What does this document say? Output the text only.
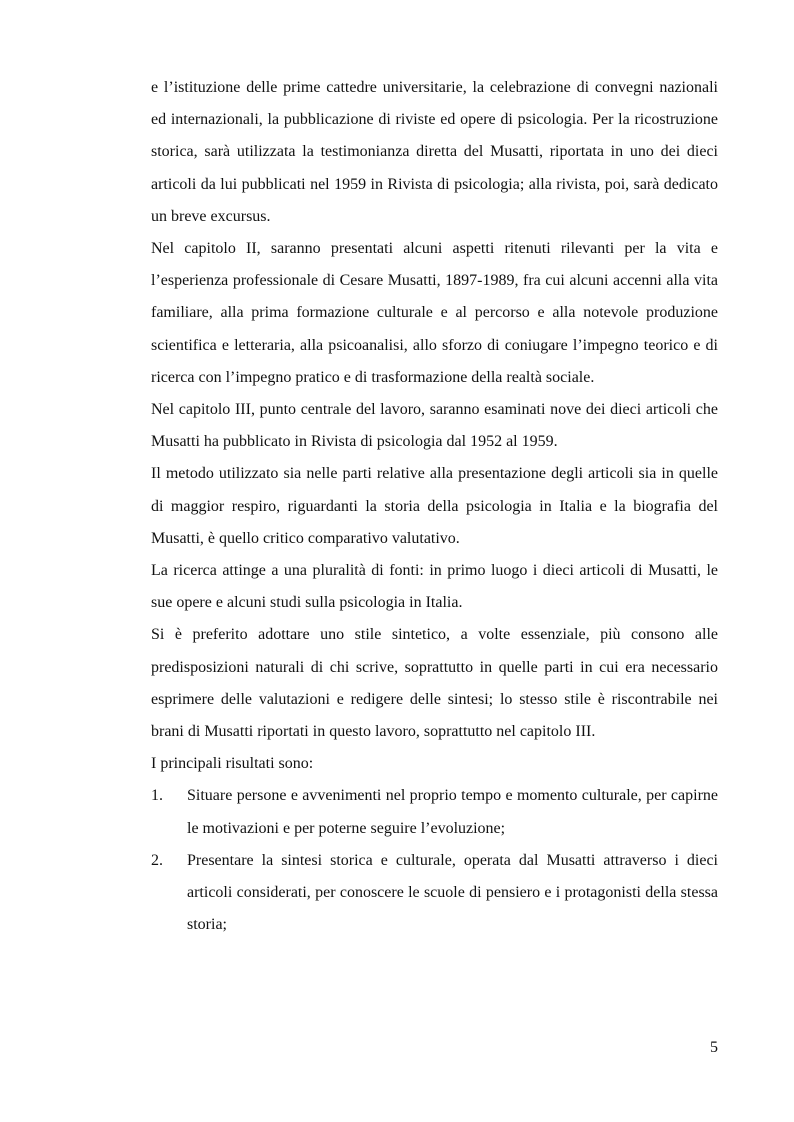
e l’istituzione delle prime cattedre universitarie, la celebrazione di convegni nazionali ed internazionali, la pubblicazione di riviste ed opere di psicologia. Per la ricostruzione storica, sarà utilizzata la testimonianza diretta del Musatti, riportata in uno dei dieci articoli da lui pubblicati nel 1959 in Rivista di psicologia; alla rivista, poi, sarà dedicato un breve excursus.

Nel capitolo II, saranno presentati alcuni aspetti ritenuti rilevanti per la vita e l’esperienza professionale di Cesare Musatti, 1897-1989, fra cui alcuni accenni alla vita familiare, alla prima formazione culturale e al percorso e alla notevole produzione scientifica e letteraria, alla psicoanalisi, allo sforzo di coniugare l’impegno teorico e di ricerca con l’impegno pratico e di trasformazione della realtà sociale.

Nel capitolo III, punto centrale del lavoro, saranno esaminati nove dei dieci articoli che Musatti ha pubblicato in Rivista di psicologia dal 1952 al 1959.

Il metodo utilizzato sia nelle parti relative alla presentazione degli articoli sia in quelle di maggior respiro, riguardanti la storia della psicologia in Italia e la biografia del Musatti, è quello critico comparativo valutativo.

La ricerca attinge a una pluralità di fonti: in primo luogo i dieci articoli di Musatti, le sue opere e alcuni studi sulla psicologia in Italia.

Si è preferito adottare uno stile sintetico, a volte essenziale, più consono alle predisposizioni naturali di chi scrive, soprattutto in quelle parti in cui era necessario esprimere delle valutazioni e redigere delle sintesi; lo stesso stile è riscontrabile nei brani di Musatti riportati in questo lavoro, soprattutto nel capitolo III.

I principali risultati sono:

1.	Situare persone e avvenimenti nel proprio tempo e momento culturale, per capirne le motivazioni e per poterne seguire l’evoluzione;
2.	Presentare la sintesi storica e culturale, operata dal Musatti attraverso i dieci articoli considerati, per conoscere le scuole di pensiero e i protagonisti della stessa storia;
5
